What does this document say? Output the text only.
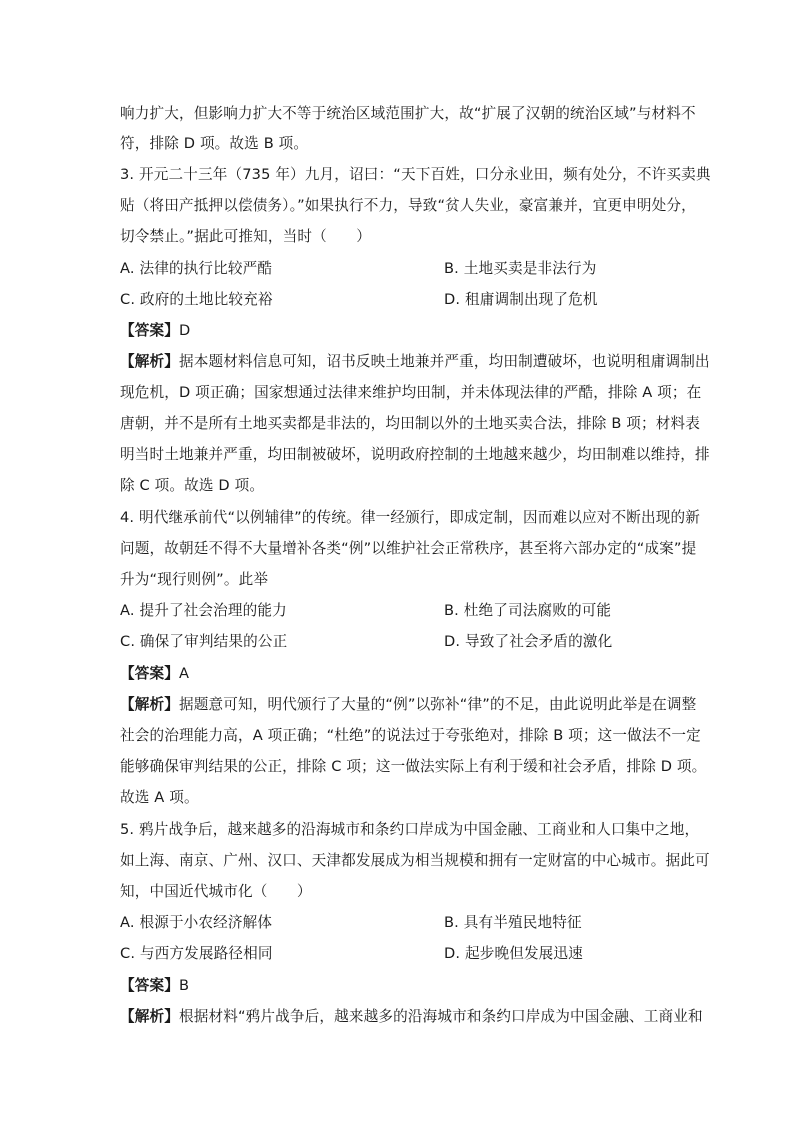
响力扩大，但影响力扩大不等于统治区域范围扩大，故“扩展了汉朝的统治区域”与材料不
符，排除 D 项。故选 B 项。
3. 开元二十三年（735 年）九月，诏曰：“天下百姓，口分永业田，频有处分，不许买卖典
贴（将田产抵押以偿债务）。”如果执行不力，导致“贫人失业，豪富兼并，宜更申明处分，
切令禁止。”据此可推知，当时（　　）
A. 法律的执行比较严酷	B. 土地买卖是非法行为
C. 政府的土地比较充裕	D. 租庸调制出现了危机
【答案】D
【解析】据本题材料信息可知，诏书反映土地兼并严重，均田制遭破坏，也说明租庸调制出
现危机，D 项正确；国家想通过法律来维护均田制，并未体现法律的严酷，排除 A 项；在
唐朝，并不是所有土地买卖都是非法的，均田制以外的土地买卖合法，排除 B 项；材料表
明当时土地兼并严重，均田制被破坏，说明政府控制的土地越来越少，均田制难以维持，排
除 C 项。故选 D 项。
4. 明代继承前代“以例辅律”的传统。律一经颁行，即成定制，因而难以应对不断出现的新
问题，故朝廷不得不大量增补各类“例”以维护社会正常秩序，甚至将六部办定的“成案”提
升为“现行则例”。此举
A. 提升了社会治理的能力	B. 杜绝了司法腐败的可能
C. 确保了审判结果的公正	D. 导致了社会矛盾的激化
【答案】A
【解析】据题意可知，明代颁行了大量的“例”以弥补“律”的不足，由此说明此举是在调整
社会的治理能力高，A 项正确；“杜绝”的说法过于夸张绝对，排除 B 项；这一做法不一定
能够确保审判结果的公正，排除 C 项；这一做法实际上有利于缓和社会矛盾，排除 D 项。
故选 A 项。
5. 鸦片战争后，越来越多的沿海城市和条约口岸成为中国金融、工商业和人口集中之地，
如上海、南京、广州、汉口、天津都发展成为相当规模和拥有一定财富的中心城市。据此可
知，中国近代城市化（　　）
A. 根源于小农经济解体	B. 具有半殖民地特征
C. 与西方发展路径相同	D. 起步晚但发展迅速
【答案】B
【解析】根据材料“鸦片战争后，越来越多的沿海城市和条约口岸成为中国金融、工商业和
